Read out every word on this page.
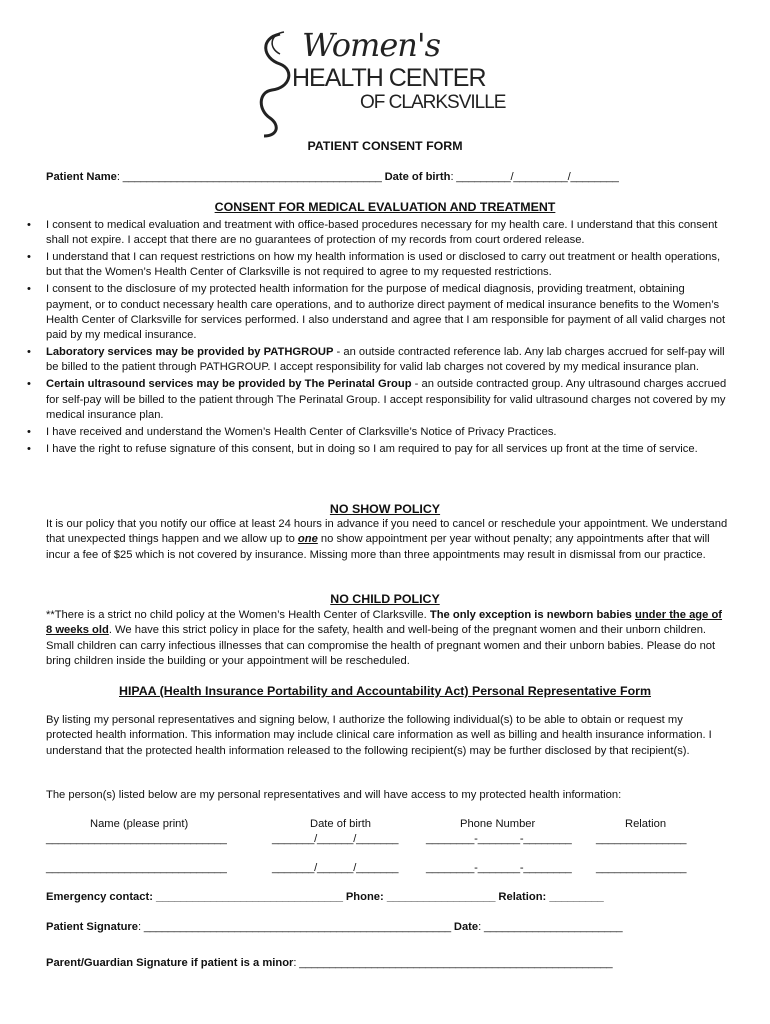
Women's
HEALTH CENTER
OF CLARKSVILLE
PATIENT CONSENT FORM
Patient Name: ___________________________________________ Date of birth: _________/_________/________
CONSENT FOR MEDICAL EVALUATION AND TREATMENT
• I consent to medical evaluation and treatment with office-based procedures necessary for my health care. I understand that this consent shall not expire. I accept that there are no guarantees of protection of my records from court ordered release.
• I understand that I can request restrictions on how my health information is used or disclosed to carry out treatment or health operations, but that the Women’s Health Center of Clarksville is not required to agree to my requested restrictions.
• I consent to the disclosure of my protected health information for the purpose of medical diagnosis, providing treatment, obtaining payment, or to conduct necessary health care operations, and to authorize direct payment of medical insurance benefits to the Women’s Health Center of Clarksville for services performed. I also understand and agree that I am responsible for payment of all valid charges not paid by my medical insurance.
• Laboratory services may be provided by PATHGROUP - an outside contracted reference lab. Any lab charges accrued for self-pay will be billed to the patient through PATHGROUP. I accept responsibility for valid lab charges not covered by my medical insurance plan.
• Certain ultrasound services may be provided by The Perinatal Group - an outside contracted group. Any ultrasound charges accrued for self-pay will be billed to the patient through The Perinatal Group. I accept responsibility for valid ultrasound charges not covered by my medical insurance plan.
• I have received and understand the Women’s Health Center of Clarksville’s Notice of Privacy Practices.
• I have the right to refuse signature of this consent, but in doing so I am required to pay for all services up front at the time of service.
NO SHOW POLICY
It is our policy that you notify our office at least 24 hours in advance if you need to cancel or reschedule your appointment. We understand that unexpected things happen and we allow up to one no show appointment per year without penalty; any appointments after that will incur a fee of $25 which is not covered by insurance. Missing more than three appointments may result in dismissal from our practice.
NO CHILD POLICY
**There is a strict no child policy at the Women’s Health Center of Clarksville. The only exception is newborn babies under the age of 8 weeks old. We have this strict policy in place for the safety, health and well-being of the pregnant women and their unborn children. Small children can carry infectious illnesses that can compromise the health of pregnant women and their unborn babies. Please do not bring children inside the building or your appointment will be rescheduled.
HIPAA (Health Insurance Portability and Accountability Act) Personal Representative Form
By listing my personal representatives and signing below, I authorize the following individual(s) to be able to obtain or request my protected health information. This information may include clinical care information as well as billing and health insurance information. I understand that the protected health information released to the following recipient(s) may be further disclosed by that recipient(s).
The person(s) listed below are my personal representatives and will have access to my protected health information:
Name (please print)	Date of birth	Phone Number	Relation
______________________________	_______/______/_______ ________-_______-________ _______________
______________________________	_______/______/_______ ________-_______-________ _______________
Emergency contact: _______________________________ Phone: __________________ Relation: _________
Patient Signature: ___________________________________________________ Date: _______________________
Parent/Guardian Signature if patient is a minor: ____________________________________________________
